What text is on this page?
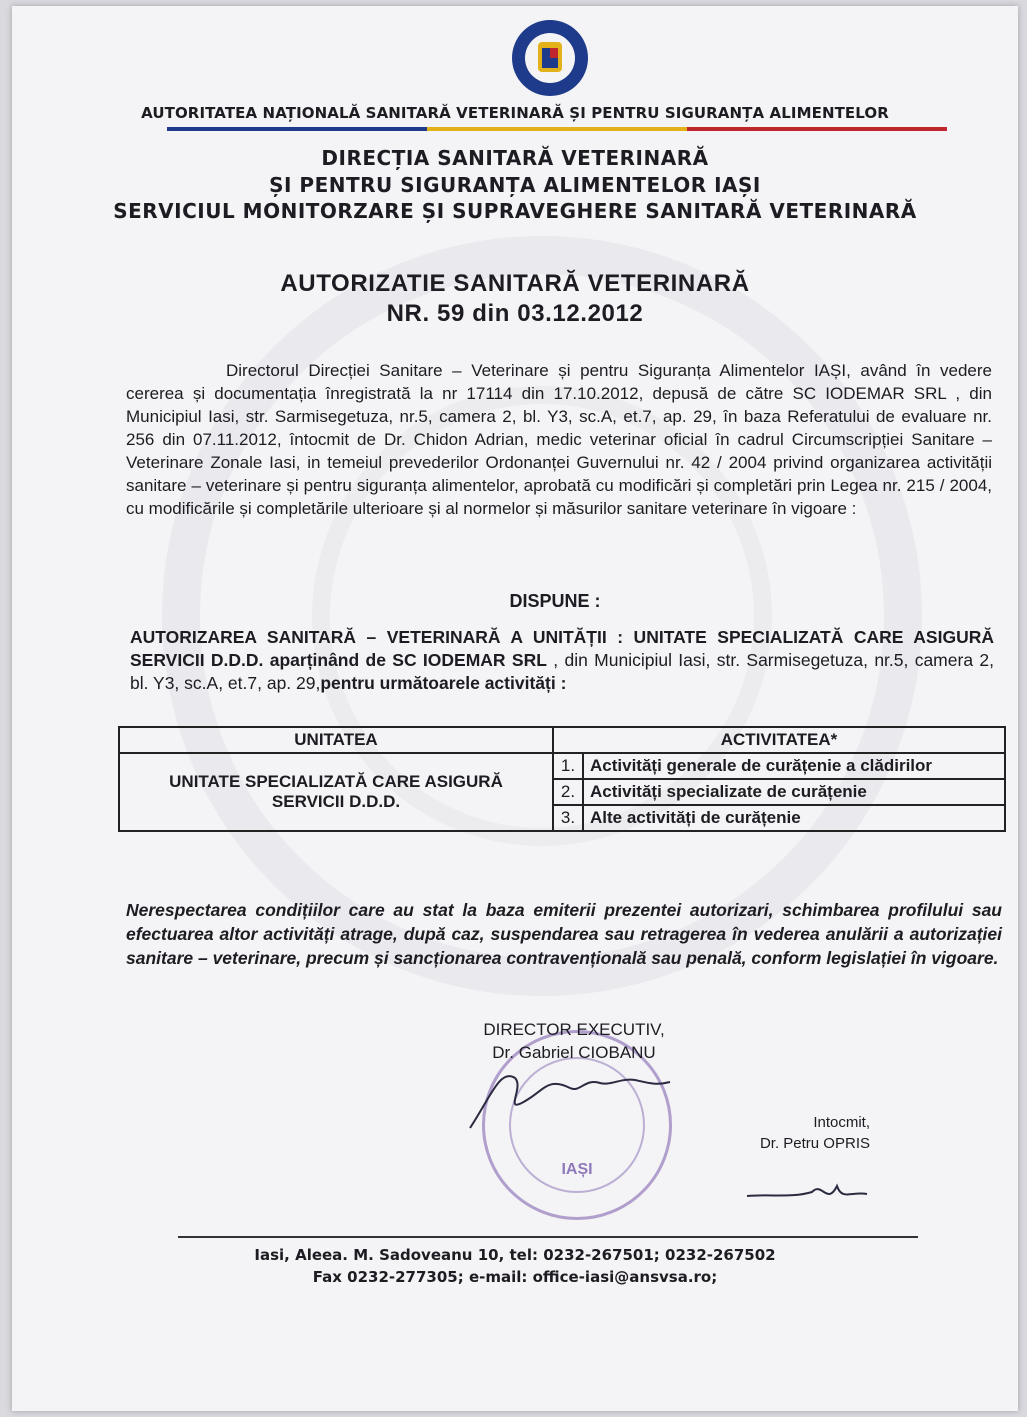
AUTORITATEA NAȚIONALĂ SANITARĂ VETERINARĂ ȘI PENTRU SIGURANȚA ALIMENTELOR
DIRECȚIA SANITARĂ VETERINARĂ
ȘI PENTRU SIGURANȚA ALIMENTELOR IAȘI
SERVICIUL MONITORZARE ȘI SUPRAVEGHERE SANITARĂ VETERINARĂ
AUTORIZATIE SANITARĂ VETERINARĂ
NR. 59 din 03.12.2012
Directorul Direcției Sanitare – Veterinare și pentru Siguranța Alimentelor IAȘI, având în vedere cererea și documentația înregistrată la nr 17114 din 17.10.2012, depusă de către SC IODEMAR SRL , din Municipiul Iasi, str. Sarmisegetuza, nr.5, camera 2, bl. Y3, sc.A, et.7, ap. 29, în baza Referatului de evaluare nr. 256 din 07.11.2012, întocmit de Dr. Chidon Adrian, medic veterinar oficial în cadrul Circumscripției Sanitare –Veterinare Zonale Iasi, in temeiul prevederilor Ordonanței Guvernului nr. 42 / 2004 privind organizarea activității sanitare – veterinare și pentru siguranța alimentelor, aprobată cu modificări și completări prin Legea nr. 215 / 2004, cu modificările și completările ulterioare și al normelor și măsurilor sanitare veterinare în vigoare :
DISPUNE :
AUTORIZAREA SANITARĂ – VETERINARĂ A UNITĂȚII : UNITATE SPECIALIZATĂ CARE ASIGURĂ SERVICII D.D.D. aparținând de SC IODEMAR SRL , din Municipiul Iasi, str. Sarmisegetuza, nr.5, camera 2, bl. Y3, sc.A, et.7, ap. 29,pentru următoarele activități :
UNITATEA	ACTIVITATEA*	
UNITATE SPECIALIZATĂ CARE ASIGURĂ SERVICII D.D.D.	1.	Activități generale de curățenie a clădirilor
	2.	Activități specializate de curățenie
	3.	Alte activități de curățenie
Nerespectarea condițiilor care au stat la baza emiterii prezentei autorizari, schimbarea profilului sau efectuarea altor activități atrage, după caz, suspendarea sau retragerea în vederea anulării a autorizației sanitare – veterinare, precum și sancționarea contravențională sau penală, conform legislației în vigoare.
IAȘI
DIRECTOR EXECUTIV,
Dr. Gabriel CIOBANU
Intocmit,
Dr. Petru OPRIS
Iasi, Aleea. M. Sadoveanu 10, tel: 0232-267501; 0232-267502
Fax 0232-277305; e-mail: office-iasi@ansvsa.ro;
